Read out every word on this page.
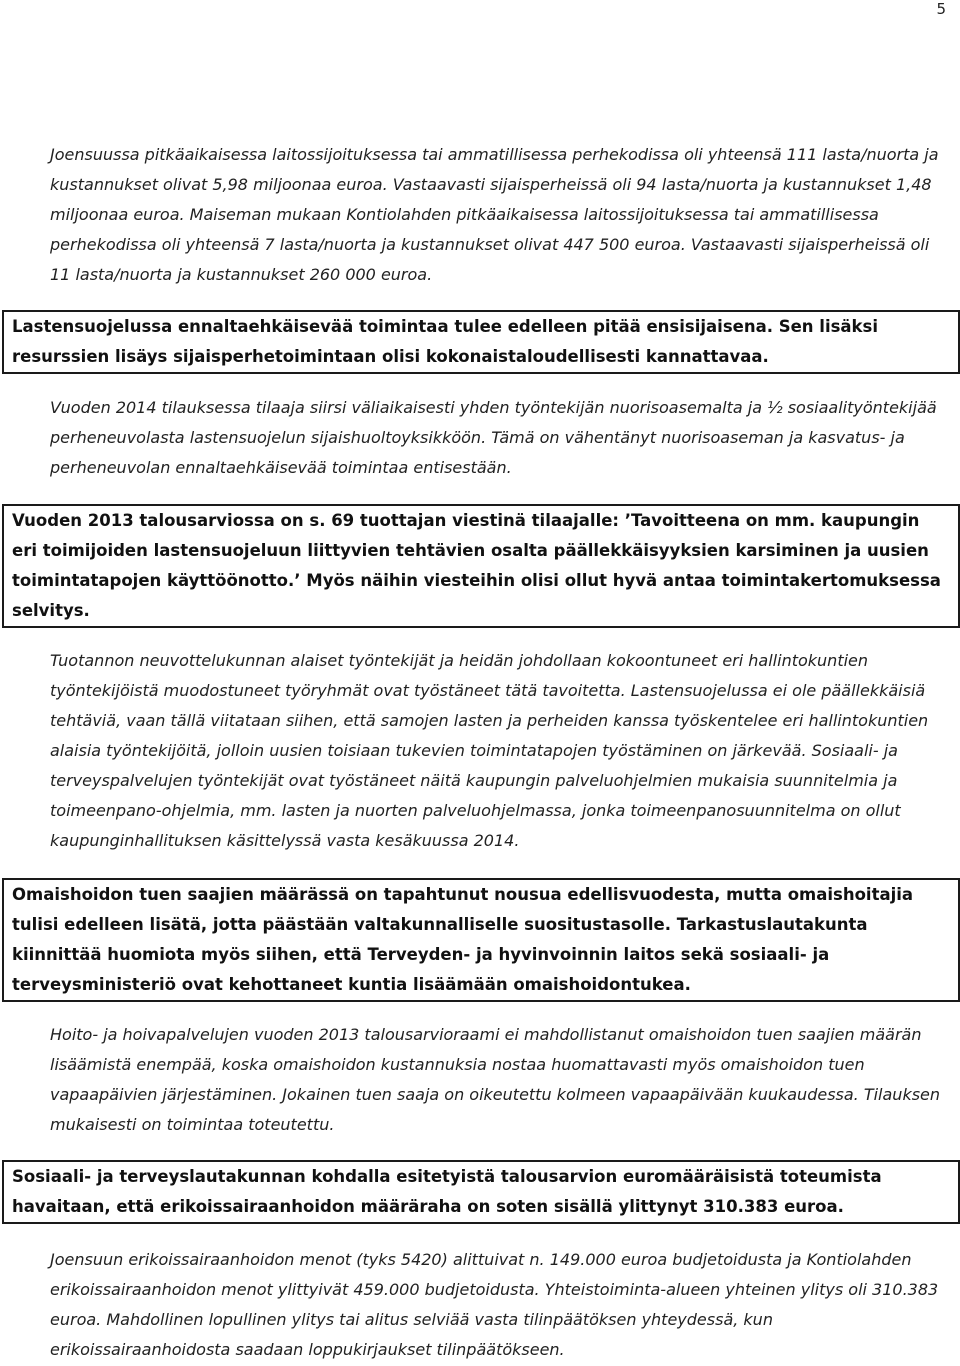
5

Joensuussa pitkäaikaisessa laitossijoituksessa tai ammatillisessa perhekodissa oli yhteensä 111 lasta/nuorta ja kustannukset olivat 5,98 miljoonaa euroa. Vastaavasti sijaisperheissä oli 94 lasta/nuorta ja kustannukset 1,48 miljoonaa euroa. Maiseman mukaan Kontiolahden pitkäaikaisessa laitossijoituksessa tai ammatillisessa perhekodissa oli yhteensä 7 lasta/nuorta ja kustannukset olivat 447 500 euroa. Vastaavasti sijaisperheissä oli 11 lasta/nuorta ja kustannukset 260 000 euroa.

Lastensuojelussa ennaltaehkäisevää toimintaa tulee edelleen pitää ensisijaisena. Sen lisäksi resurssien lisäys sijaisperhetoimintaan olisi kokonaistaloudellisesti kannattavaa.

Vuoden 2014 tilauksessa tilaaja siirsi väliaikaisesti yhden työntekijän nuorisoasemalta ja ½ sosiaalityöntekijää perheneuvolasta lastensuojelun sijaishuoltoyksikköön. Tämä on vähentänyt nuorisoaseman ja kasvatus- ja perheneuvolan ennaltaehkäisevää toimintaa entisestään.

Vuoden 2013 talousarviossa on s. 69 tuottajan viestinä tilaajalle: ’Tavoitteena on mm. kaupungin eri toimijoiden lastensuojeluun liittyvien tehtävien osalta päällekkäisyyksien karsiminen ja uusien toimintatapojen käyttöönotto.’ Myös näihin viesteihin olisi ollut hyvä antaa toimintakertomuksessa selvitys.

Tuotannon neuvottelukunnan alaiset työntekijät ja heidän johdollaan kokoontuneet eri hallintokuntien työntekijöistä muodostuneet työryhmät ovat työstäneet tätä tavoitetta. Lastensuojelussa ei ole päällekkäisiä tehtäviä, vaan tällä viitataan siihen, että samojen lasten ja perheiden kanssa työskentelee eri hallintokuntien alaisia työntekijöitä, jolloin uusien toisiaan tukevien toimintatapojen työstäminen on järkevää. Sosiaali- ja terveyspalvelujen työntekijät ovat työstäneet näitä kaupungin palveluohjelmien mukaisia suunnitelmia ja toimeenpano-ohjelmia, mm. lasten ja nuorten palveluohjelmassa, jonka toimeenpanosuunnitelma on ollut kaupunginhallituksen käsittelyssä vasta kesäkuussa 2014.

Omaishoidon tuen saajien määrässä on tapahtunut nousua edellisvuodesta, mutta omaishoitajia tulisi edelleen lisätä, jotta päästään valtakunnalliselle suositustasolle. Tarkastuslautakunta kiinnittää huomiota myös siihen, että Terveyden- ja hyvinvoinnin laitos sekä sosiaali- ja terveysministeriö ovat kehottaneet kuntia lisäämään omaishoidontukea.

Hoito- ja hoivapalvelujen vuoden 2013 talousarvioraami ei mahdollistanut omaishoidon tuen saajien määrän lisäämistä enempää, koska omaishoidon kustannuksia nostaa huomattavasti myös omaishoidon tuen vapaapäivien järjestäminen. Jokainen tuen saaja on oikeutettu kolmeen vapaapäivään kuukaudessa. Tilauksen mukaisesti on toimintaa toteutettu.

Sosiaali- ja terveyslautakunnan kohdalla esitetyistä talousarvion euromääräisistä toteumista havaitaan, että erikoissairaanhoidon määräraha on soten sisällä ylittynyt 310.383 euroa.

Joensuun erikoissairaanhoidon menot (tyks 5420) alittuivat n. 149.000 euroa budjetoidusta ja Kontiolahden erikoissairaanhoidon menot ylittyivät 459.000 budjetoidusta. Yhteistoiminta-alueen yhteinen ylitys oli 310.383 euroa. Mahdollinen lopullinen ylitys tai alitus selviää vasta tilinpäätöksen yhteydessä, kun erikoissairaanhoidosta saadaan loppukirjaukset tilinpäätökseen.
